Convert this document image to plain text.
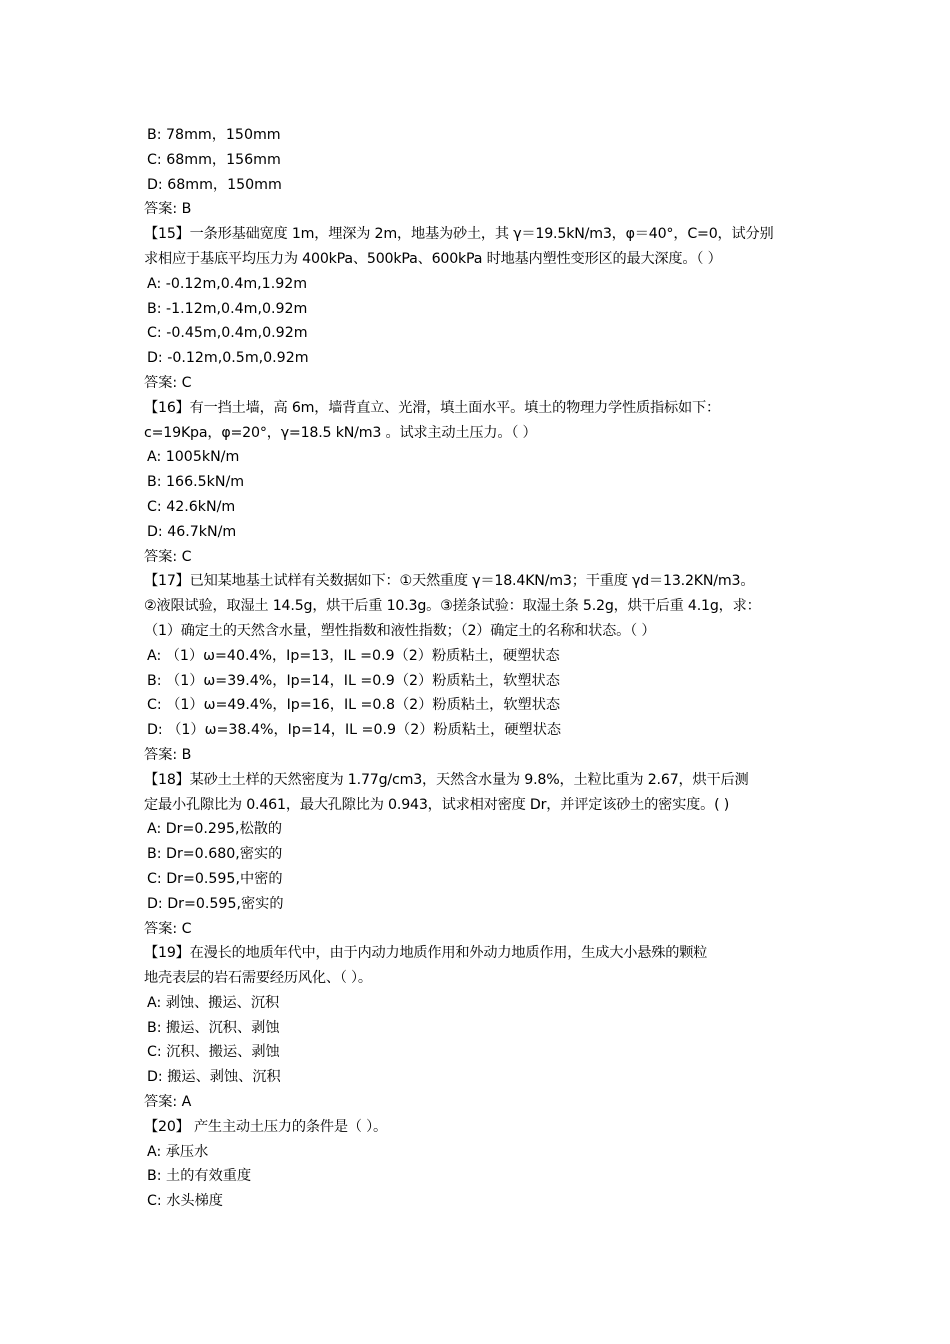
B: 78mm，150mm
C: 68mm，156mm
D: 68mm，150mm
答案: B
【15】一条形基础宽度 1m，埋深为 2m，地基为砂土，其 γ＝19.5kN/m3，φ＝40°，C=0，试分别
求相应于基底平均压力为 400kPa、500kPa、600kPa 时地基内塑性变形区的最大深度。（ ）
A: -0.12m,0.4m,1.92m
B: -1.12m,0.4m,0.92m
C: -0.45m,0.4m,0.92m
D: -0.12m,0.5m,0.92m
答案: C
【16】有一挡土墙，高 6m，墙背直立、光滑，填土面水平。填土的物理力学性质指标如下：
c=19Kpa，φ=20°，γ=18.5 kN/m3 。试求主动土压力。（ ）
A: 1005kN/m
B: 166.5kN/m
C: 42.6kN/m
D: 46.7kN/m
答案: C
【17】已知某地基土试样有关数据如下：①天然重度 γ＝18.4KN/m3；干重度 γd＝13.2KN/m3。
②液限试验，取湿土 14.5g，烘干后重 10.3g。③搓条试验：取湿土条 5.2g，烘干后重 4.1g，求：
（1）确定土的天然含水量，塑性指数和液性指数；（2）确定土的名称和状态。（ ）
A: （1）ω=40.4%，Ip=13，IL =0.9（2）粉质粘土，硬塑状态
B: （1）ω=39.4%，Ip=14，IL =0.9（2）粉质粘土，软塑状态
C: （1）ω=49.4%，Ip=16，IL =0.8（2）粉质粘土，软塑状态
D: （1）ω=38.4%，Ip=14，IL =0.9（2）粉质粘土，硬塑状态
答案: B
【18】某砂土土样的天然密度为 1.77g/cm3，天然含水量为 9.8%，土粒比重为 2.67，烘干后测
定最小孔隙比为 0.461，最大孔隙比为 0.943，试求相对密度 Dr，并评定该砂土的密实度。( )
A: Dr=0.295,松散的
B: Dr=0.680,密实的
C: Dr=0.595,中密的
D: Dr=0.595,密实的
答案: C
【19】在漫长的地质年代中，由于内动力地质作用和外动力地质作用，生成大小悬殊的颗粒
地壳表层的岩石需要经历风化、（ ）。
A: 剥蚀、搬运、沉积
B: 搬运、沉积、剥蚀
C: 沉积、搬运、剥蚀
D: 搬运、剥蚀、沉积
答案: A
【20】 产生主动土压力的条件是（ ）。
A: 承压水
B: 土的有效重度
C: 水头梯度
